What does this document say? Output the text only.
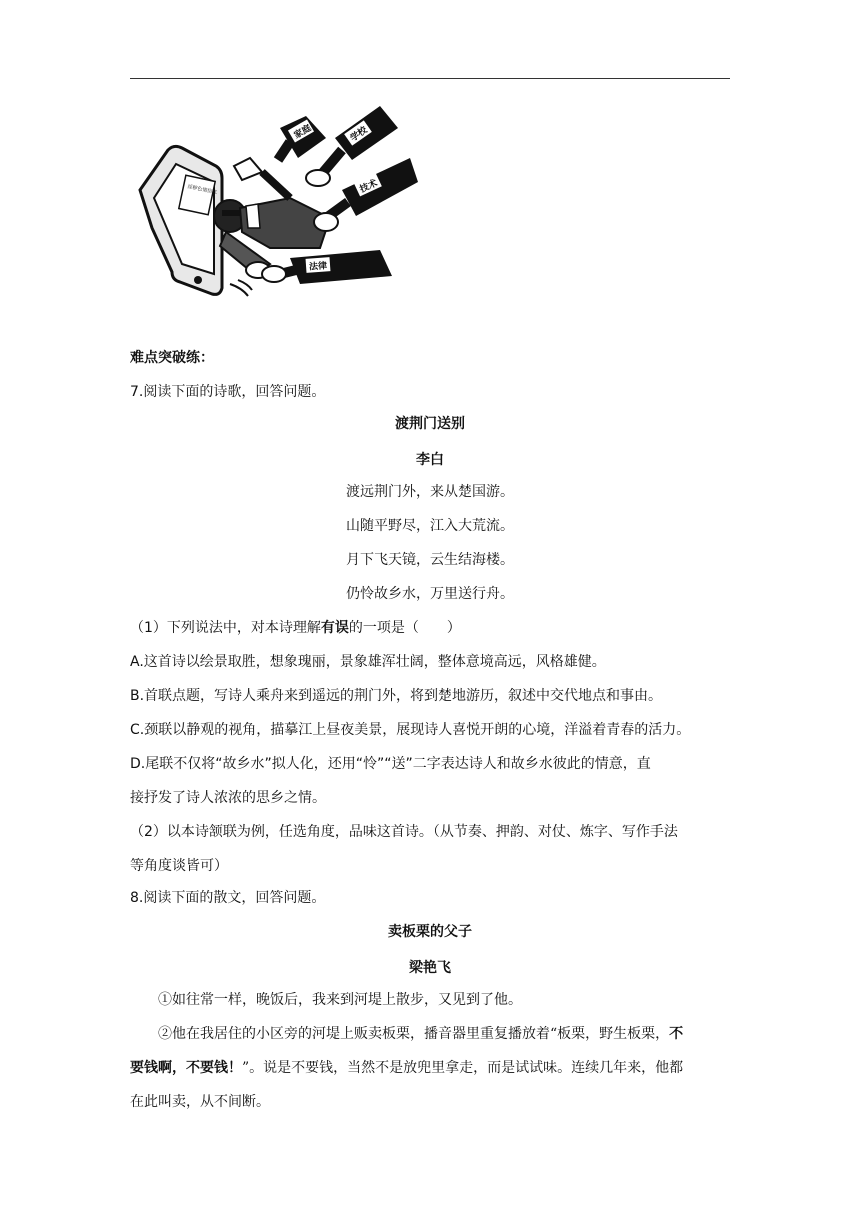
淫秽色情信息
家庭	学校
技术
法律
难点突破练：
7.阅读下面的诗歌，回答问题。
渡荆门送别
李白
渡远荆门外，来从楚国游。
山随平野尽，江入大荒流。
月下飞天镜，云生结海楼。
仍怜故乡水，万里送行舟。
（1）下列说法中，对本诗理解有误的一项是（　　）
A.这首诗以绘景取胜，想象瑰丽，景象雄浑壮阔，整体意境高远，风格雄健。
B.首联点题，写诗人乘舟来到遥远的荆门外，将到楚地游历，叙述中交代地点和事由。
C.颈联以静观的视角，描摹江上昼夜美景，展现诗人喜悦开朗的心境，洋溢着青春的活力。
D.尾联不仅将“故乡水”拟人化，还用“怜”“送”二字表达诗人和故乡水彼此的情意，直
接抒发了诗人浓浓的思乡之情。
（2）以本诗颔联为例，任选角度，品味这首诗。（从节奏、押韵、对仗、炼字、写作手法
等角度谈皆可）
8.阅读下面的散文，回答问题。
卖板栗的父子
梁艳飞
①如往常一样，晚饭后，我来到河堤上散步，又见到了他。
②他在我居住的小区旁的河堤上贩卖板栗，播音器里重复播放着“板栗，野生板栗，不
要钱啊，不要钱！”。说是不要钱，当然不是放兜里拿走，而是试试味。连续几年来，他都
在此叫卖，从不间断。
